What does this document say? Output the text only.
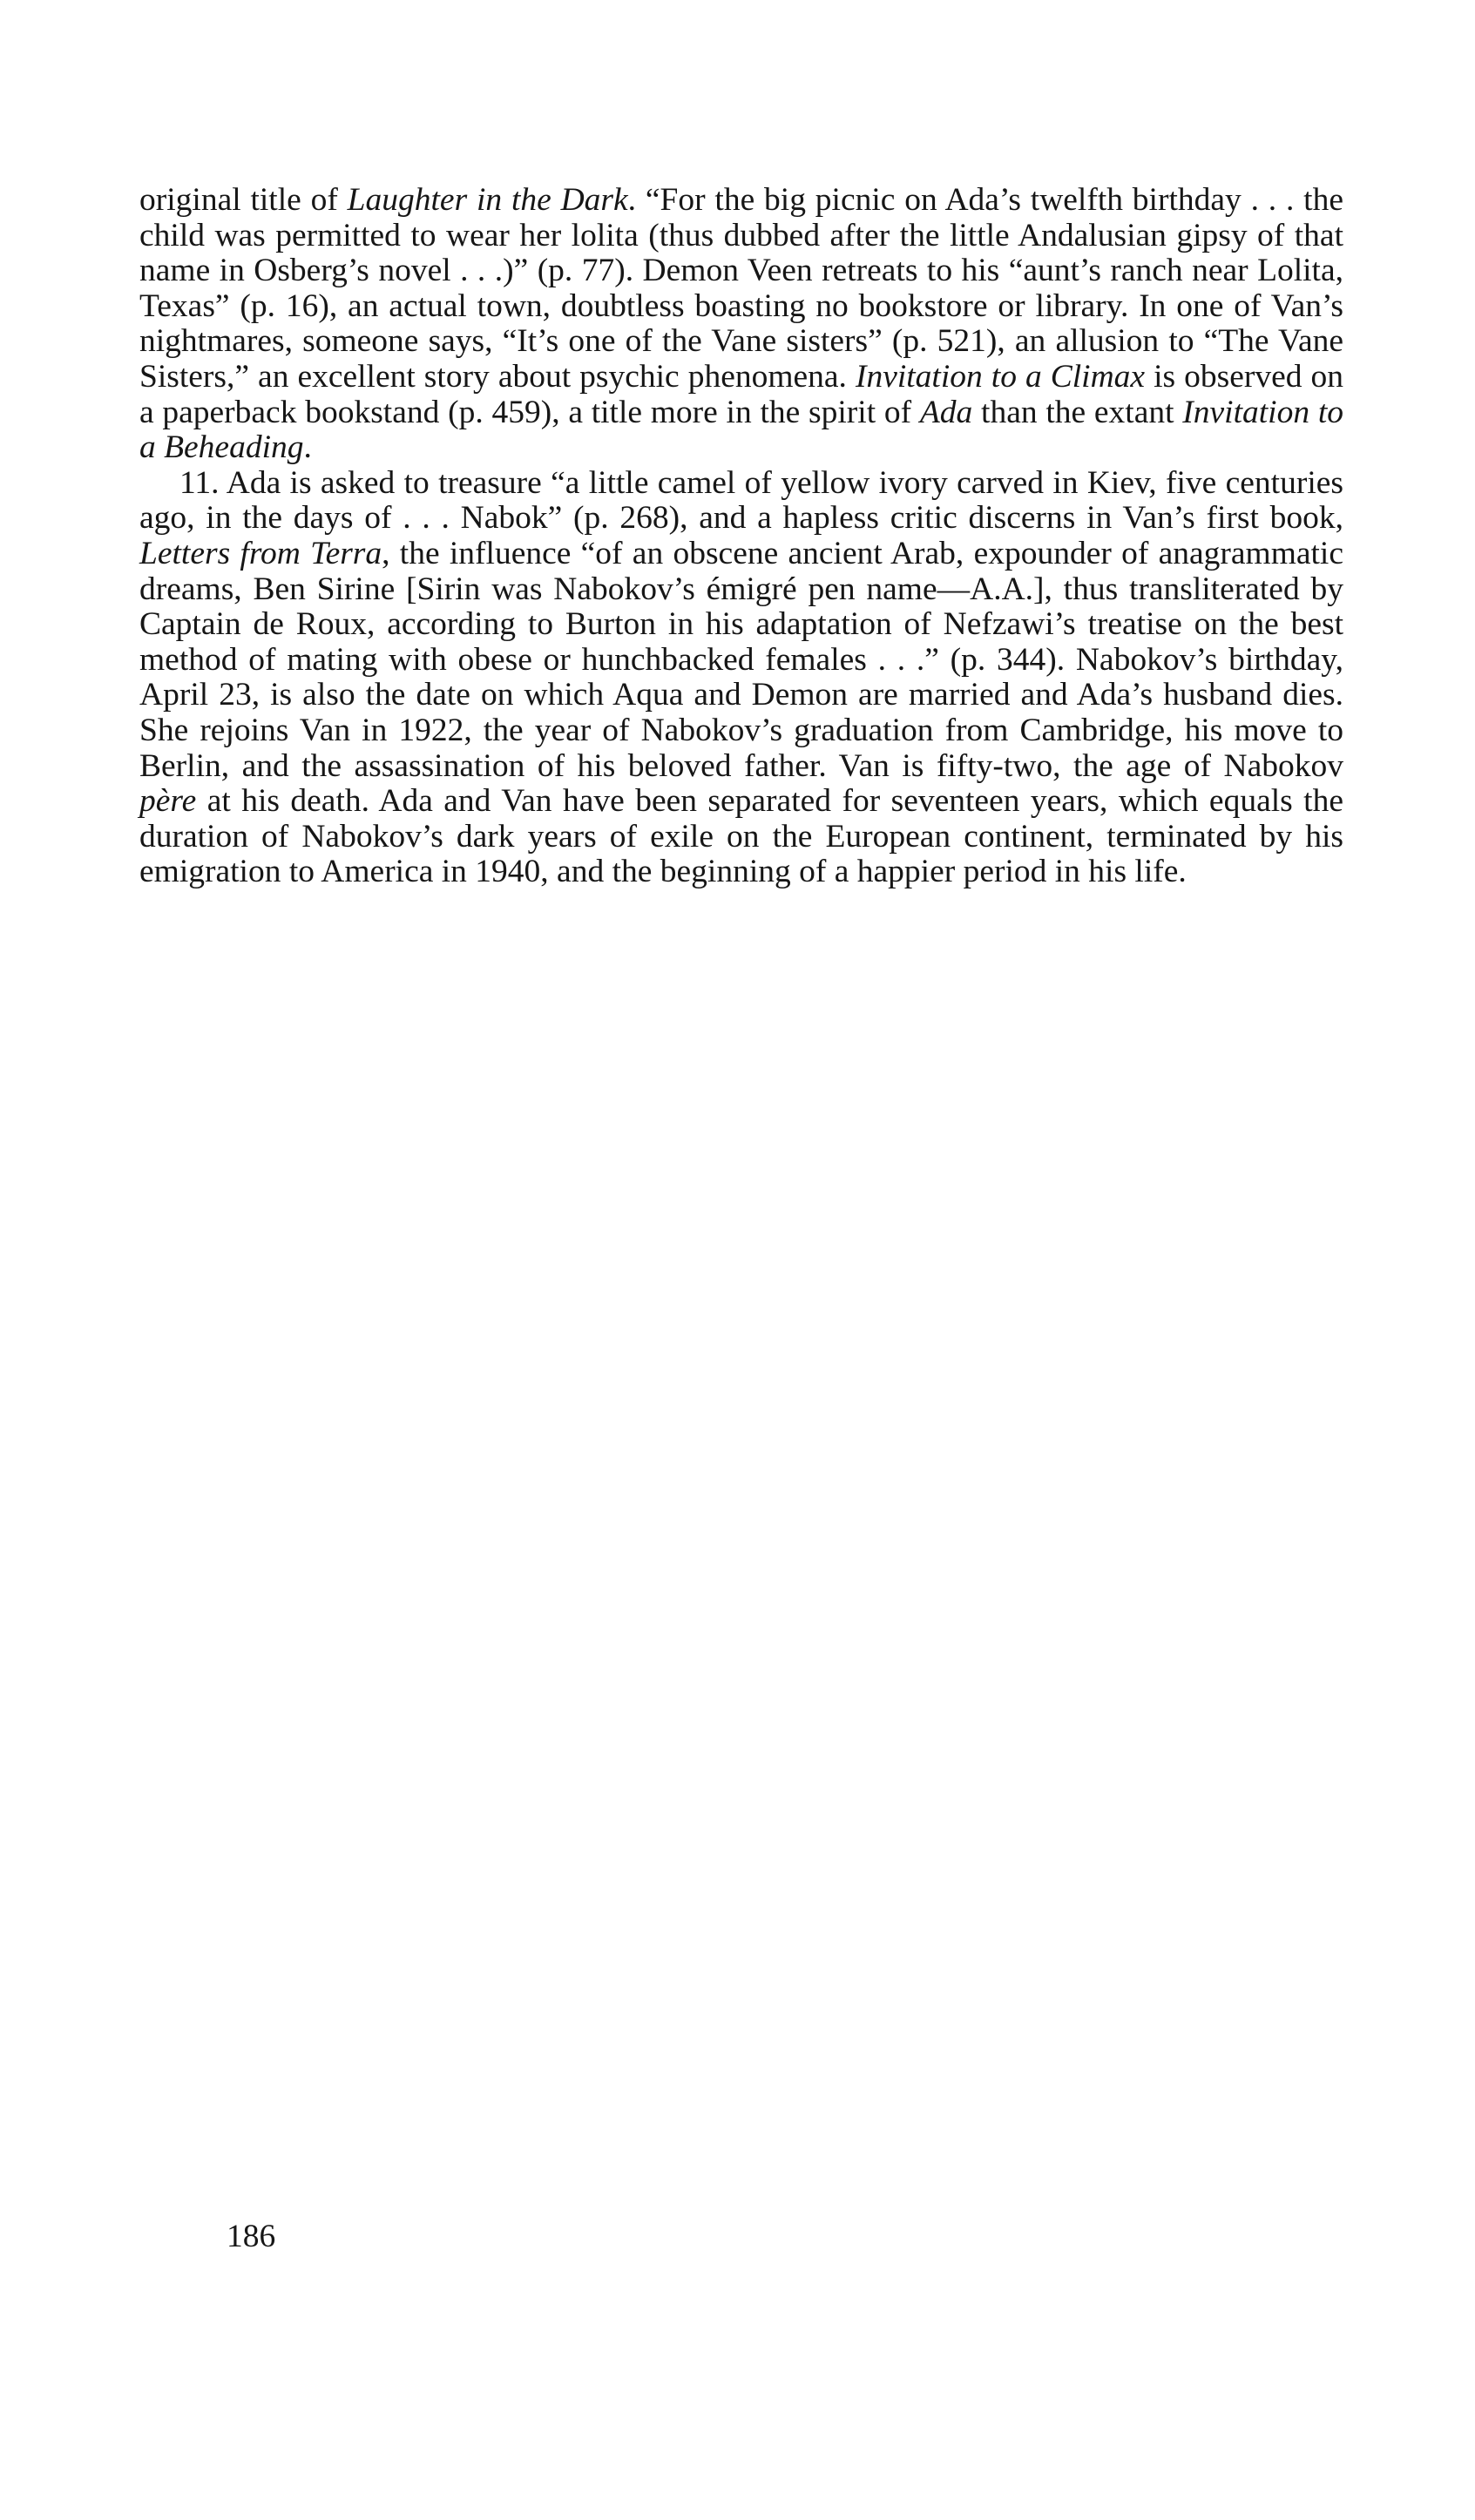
original title of Laughter in the Dark. “For the big picnic on Ada’s twelfth birthday . . . the child was permitted to wear her lolita (thus dubbed after the little Andalusian gipsy of that name in Osberg’s novel . . .)” (p. 77). Demon Veen retreats to his “aunt’s ranch near Lolita, Texas” (p. 16), an actual town, doubtless boasting no bookstore or library. In one of Van’s nightmares, someone says, “It’s one of the Vane sisters” (p. 521), an allusion to “The Vane Sisters,” an excellent story about psychic phenomena. Invitation to a Climax is observed on a paperback bookstand (p. 459), a title more in the spirit of Ada than the extant Invitation to a Beheading.

11. Ada is asked to treasure “a little camel of yellow ivory carved in Kiev, five centuries ago, in the days of . . . Nabok” (p. 268), and a hapless critic discerns in Van’s first book, Letters from Terra, the influence “of an obscene ancient Arab, expounder of anagrammatic dreams, Ben Sirine [Sirin was Nabokov’s émigré pen name—A.A.], thus transliterated by Captain de Roux, according to Burton in his adaptation of Nefzawi’s treatise on the best method of mating with obese or hunchbacked females . . .” (p. 344). Nabokov’s birthday, April 23, is also the date on which Aqua and Demon are married and Ada’s husband dies. She rejoins Van in 1922, the year of Nabokov’s graduation from Cambridge, his move to Berlin, and the assassination of his beloved father. Van is fifty-two, the age of Nabokov père at his death. Ada and Van have been separated for seventeen years, which equals the duration of Nabokov’s dark years of exile on the European continent, terminated by his emigration to America in 1940, and the beginning of a happier period in his life.

186
